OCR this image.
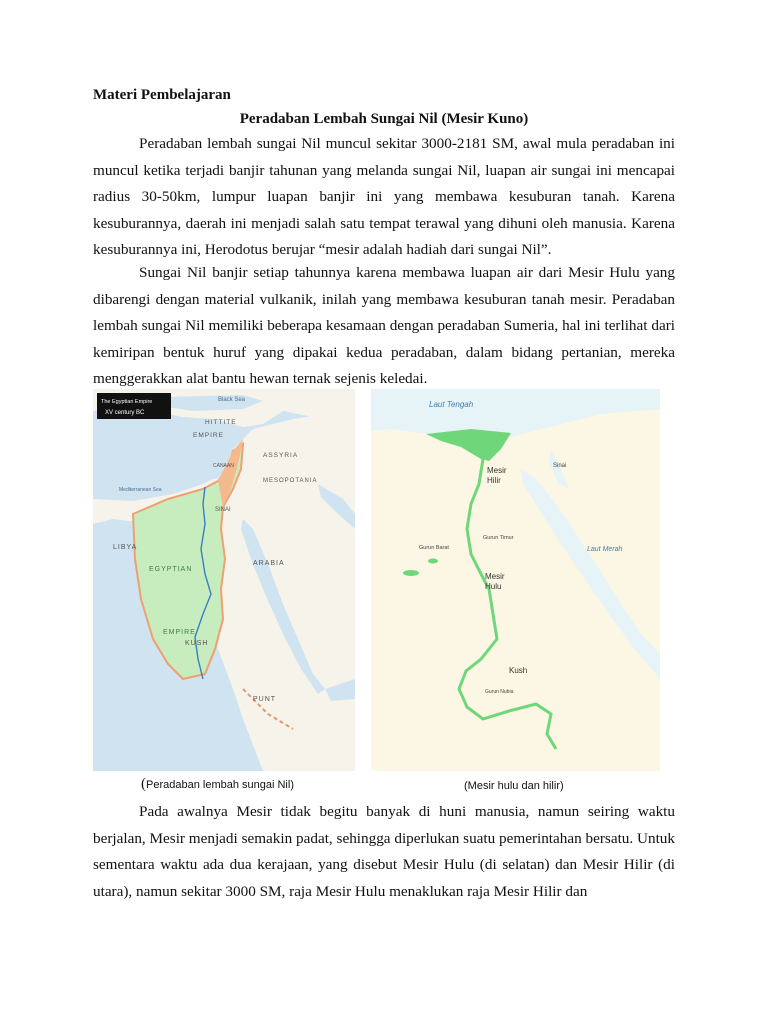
Materi Pembelajaran
Peradaban Lembah Sungai Nil (Mesir Kuno)

Peradaban lembah sungai Nil muncul sekitar 3000-2181 SM, awal mula peradaban ini muncul ketika terjadi banjir tahunan yang melanda sungai Nil, luapan air sungai ini mencapai radius 30-50km, lumpur luapan banjir ini yang membawa kesuburan tanah. Karena kesuburannya, daerah ini menjadi salah satu tempat terawal yang dihuni oleh manusia. Karena kesuburannya ini, Herodotus berujar “mesir adalah hadiah dari sungai Nil”.

Sungai Nil banjir setiap tahunnya karena membawa luapan air dari Mesir Hulu yang dibarengi dengan material vulkanik, inilah yang membawa kesuburan tanah mesir. Peradaban lembah sungai Nil memiliki beberapa kesamaan dengan peradaban Sumeria, hal ini terlihat dari kemiripan bentuk huruf yang dipakai kedua peradaban, dalam bidang pertanian, mereka menggerakkan alat bantu hewan ternak sejenis keledai.

The Egyptian Empire
XV century BC
Black Sea
HITTITE
EMPIRE
ASSYRIA
MESOPOTANIA
Mediterranean Sea
LIBYA
EGYPTIAN
EMPIRE
ARABIA
KUSH
PUNT
SINAI
CANAAN
Laut Tengah
Mesir
Hilir
Sinai
Gurun Timur
Gurun Barat	Laut Merah
Mesir
Hulu
Kush
Gurun Nubia
(Peradaban lembah sungai Nil)	(Mesir hulu dan hilir)

Pada awalnya Mesir tidak begitu banyak di huni manusia, namun seiring waktu berjalan, Mesir menjadi semakin padat, sehingga diperlukan suatu pemerintahan bersatu. Untuk sementara waktu ada dua kerajaan, yang disebut Mesir Hulu (di selatan) dan Mesir Hilir (di utara), namun sekitar 3000 SM, raja Mesir Hulu menaklukan raja Mesir Hilir dan
